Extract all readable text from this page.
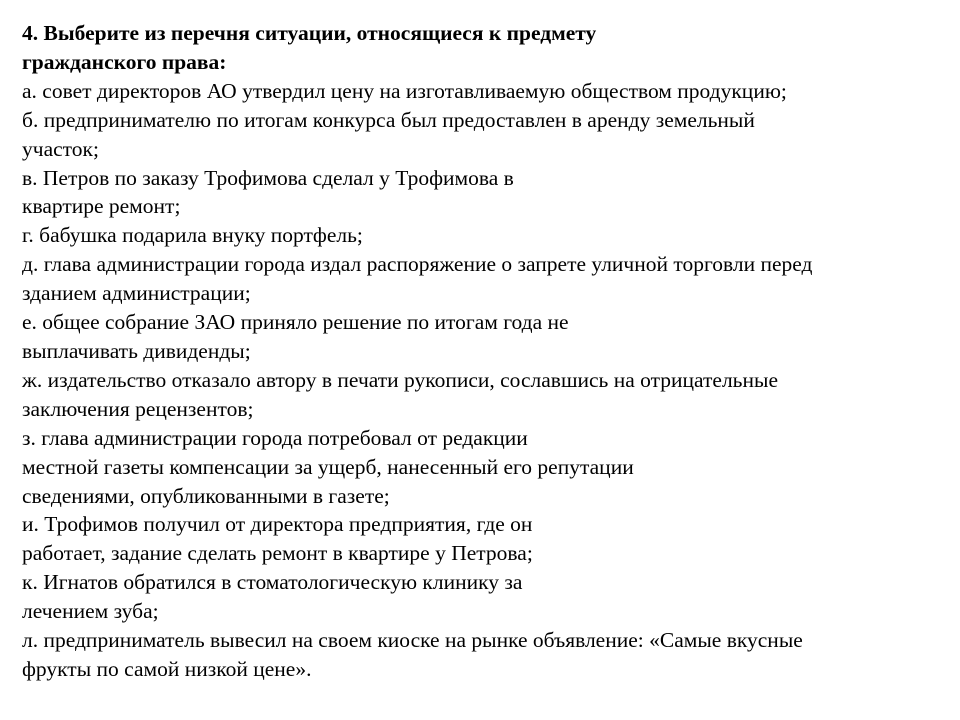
4. Выберите из перечня ситуации, относящиеся к предмету
гражданского права:
а. совет директоров АО утвердил цену на изготавливаемую обществом продукцию;
б. предпринимателю по итогам конкурса был предоставлен в аренду земельный
участок;
в. Петров по заказу Трофимова сделал у Трофимова в
квартире ремонт;
г. бабушка подарила внуку портфель;
д. глава администрации города издал распоряжение о запрете уличной торговли перед
зданием администрации;
е. общее собрание ЗАО приняло решение по итогам года не
выплачивать дивиденды;
ж. издательство отказало автору в печати рукописи, сославшись на отрицательные
заключения рецензентов;
з. глава администрации города потребовал от редакции
местной газеты компенсации за ущерб, нанесенный его репутации
сведениями, опубликованными в газете;
и. Трофимов получил от директора предприятия, где он
работает, задание сделать ремонт в квартире у Петрова;
к. Игнатов обратился в стоматологическую клинику за
лечением зуба;
л. предприниматель вывесил на своем киоске на рынке объявление: «Самые вкусные
фрукты по самой низкой цене».
